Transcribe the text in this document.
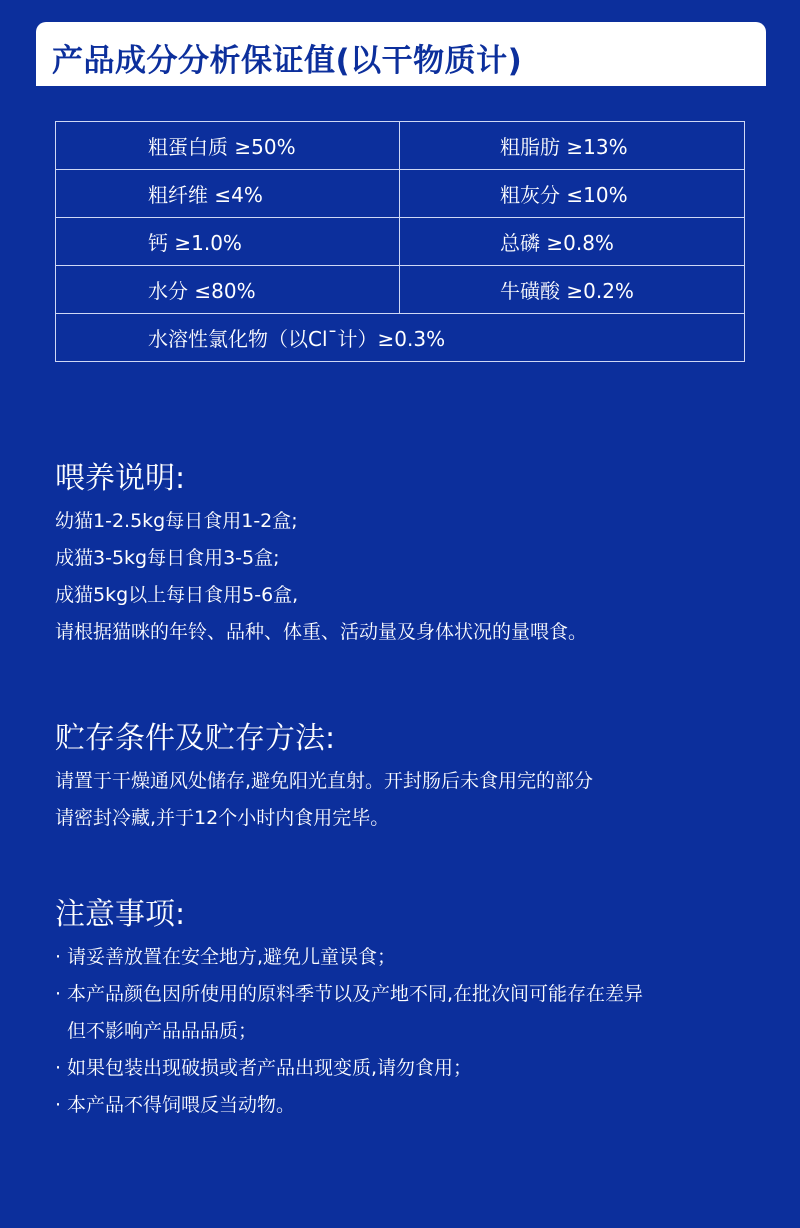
产品成分分析保证值(以干物质计)
粗蛋白质 ≥50%	粗脂肪 ≥13%
粗纤维 ≤4%	粗灰分 ≤10%
钙 ≥1.0%	总磷 ≥0.8%
水分 ≤80%	牛磺酸 ≥0.2%
水溶性氯化物（以Cl¯计）≥0.3%	
喂养说明:
幼猫1-2.5kg每日食用1-2盒;
成猫3-5kg每日食用3-5盒;
成猫5kg以上每日食用5-6盒,
请根据猫咪的年铃、品种、体重、活动量及身体状况的量喂食。
贮存条件及贮存方法:
请置于干燥通风处储存,避免阳光直射。开封肠后未食用完的部分
请密封冷藏,并于12个小时内食用完毕。
注意事项:
· 请妥善放置在安全地方,避免儿童误食；
· 本产品颜色因所使用的原料季节以及产地不同,在批次间可能存在差异
但不影响产品品品质；
· 如果包装出现破损或者产品出现变质,请勿食用；
· 本产品不得饲喂反当动物。
